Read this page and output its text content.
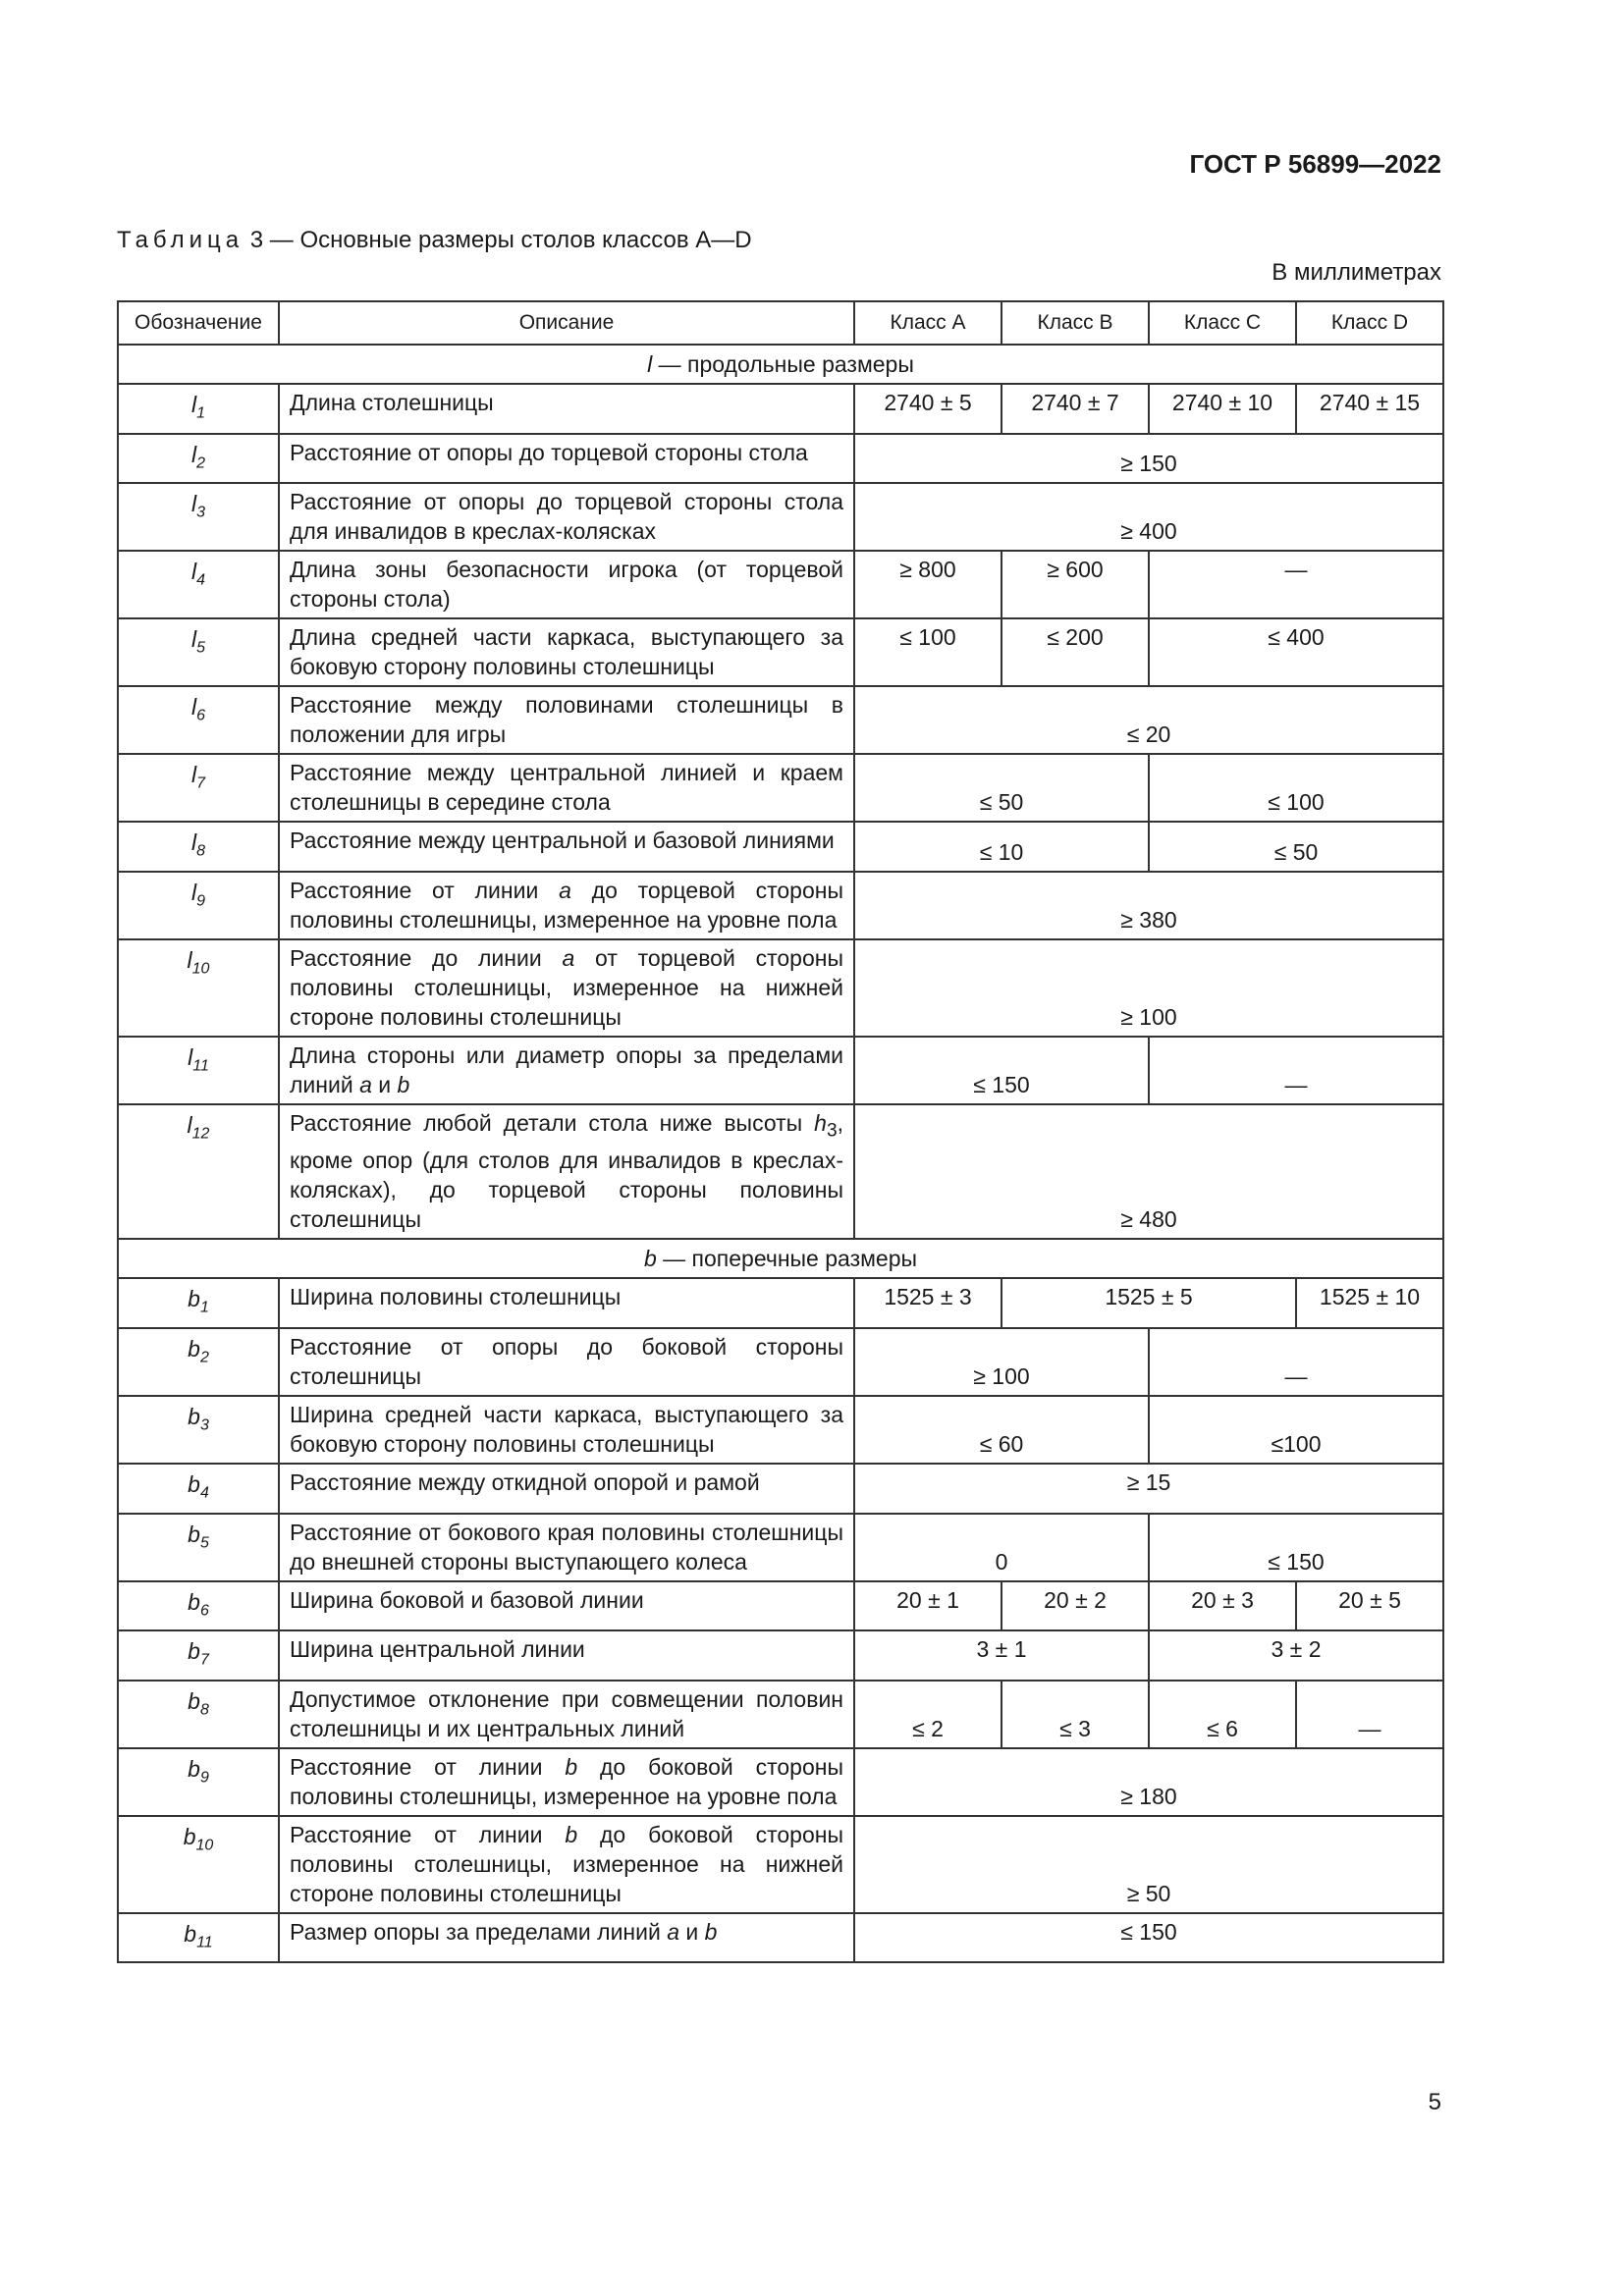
ГОСТ Р 56899—2022
Таблица 3 — Основные размеры столов классов A—D
В миллиметрах
Обозначение	Описание	Класс A	Класс B	Класс C	Класс D
l — продольные размеры					
$l_1$	Длина столешницы	2740 ± 5	2740 ± 7	2740 ± 10	2740 ± 15
$l_2$	Расстояние от опоры до торцевой стороны стола	≥ 150			
$l_3$	Расстояние от опоры до торцевой стороны стола для инвалидов в креслах-колясках	≥ 400			
$l_4$	Длина зоны безопасности игрока (от торцевой стороны стола)	≥ 800	≥ 600	—	
$l_5$	Длина средней части каркаса, выступающего за боковую сторону половины столешницы	≤ 100	≤ 200	≤ 400	
$l_6$	Расстояние между половинами столешницы в положении для игры	≤ 20			
$l_7$	Расстояние между центральной линией и краем столешницы в середине стола	≤ 50		≤ 100	
$l_8$	Расстояние между центральной и базовой линиями	≤ 10		≤ 50	
$l_9$	Расстояние от линии a до торцевой стороны половины столешницы, измеренное на уровне пола	≥ 380			
$l_{10}$	Расстояние до линии a от торцевой стороны половины столешницы, измеренное на нижней стороне половины столешницы	≥ 100			
$l_{11}$	Длина стороны или диаметр опоры за пределами линий a и b	≤ 150		—	
$l_{12}$	Расстояние любой детали стола ниже высоты $h_3$, кроме опор (для столов для инвалидов в креслах-колясках), до торцевой стороны половины столешницы	≥ 480			
b — поперечные размеры					
$b_1$	Ширина половины столешницы	1525 ± 3	1525 ± 5		1525 ± 10
$b_2$	Расстояние от опоры до боковой стороны столешницы	≥ 100		—	
$b_3$	Ширина средней части каркаса, выступающего за боковую сторону половины столешницы	≤ 60		≤100	
$b_4$	Расстояние между откидной опорой и рамой	≥ 15			
$b_5$	Расстояние от бокового края половины столешницы до внешней стороны выступающего колеса	0		≤ 150	
$b_6$	Ширина боковой и базовой линии	20 ± 1	20 ± 2	20 ± 3	20 ± 5
$b_7$	Ширина центральной линии	3 ± 1		3 ± 2	
$b_8$	Допустимое отклонение при совмещении половин столешницы и их центральных линий	≤ 2	≤ 3	≤ 6	—
$b_9$	Расстояние от линии b до боковой стороны половины столешницы, измеренное на уровне пола	≥ 180			
$b_{10}$	Расстояние от линии b до боковой стороны половины столешницы, измеренное на нижней стороне половины столешницы	≥ 50			
$b_{11}$	Размер опоры за пределами линий a и b	≤ 150			
5
